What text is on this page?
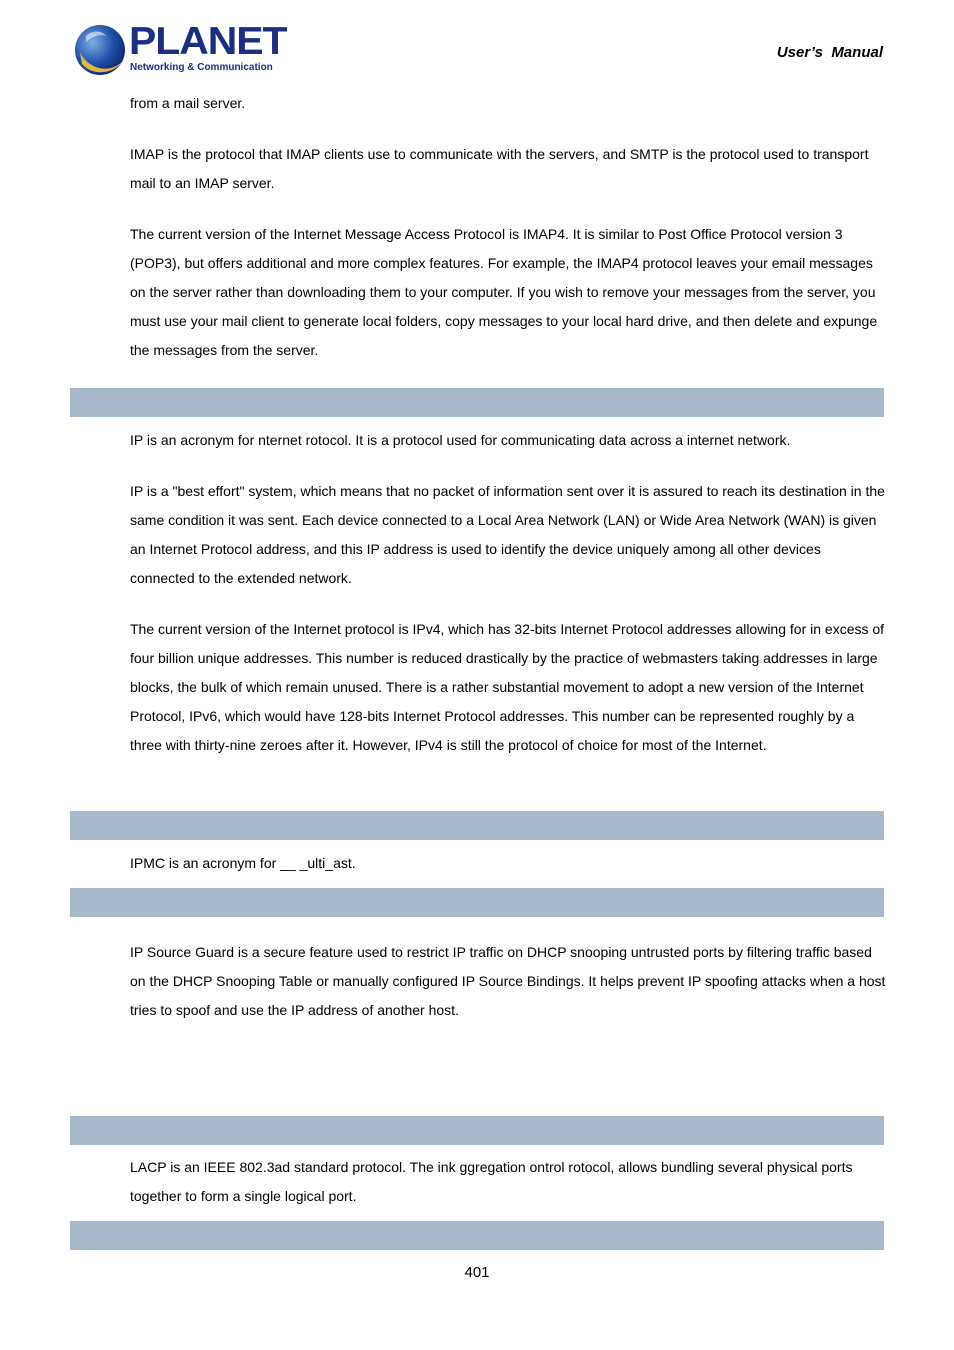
PLANET
Networking & Communication
User’s  Manual

from a mail server.

IMAP is the protocol that IMAP clients use to communicate with the servers, and SMTP is the protocol used to transport mail to an IMAP server.

The current version of the Internet Message Access Protocol is IMAP4. It is similar to Post Office Protocol version 3 (POP3), but offers additional and more complex features. For example, the IMAP4 protocol leaves your email messages on the server rather than downloading them to your computer. If you wish to remove your messages from the server, you must use your mail client to generate local folders, copy messages to your local hard drive, and then delete and expunge the messages from the server.

IP is an acronym for nternet rotocol. It is a protocol used for communicating data across a internet network.

IP is a "best effort" system, which means that no packet of information sent over it is assured to reach its destination in the same condition it was sent. Each device connected to a Local Area Network (LAN) or Wide Area Network (WAN) is given an Internet Protocol address, and this IP address is used to identify the device uniquely among all other devices connected to the extended network.

The current version of the Internet protocol is IPv4, which has 32-bits Internet Protocol addresses allowing for in excess of four billion unique addresses. This number is reduced drastically by the practice of webmasters taking addresses in large blocks, the bulk of which remain unused. There is a rather substantial movement to adopt a new version of the Internet Protocol, IPv6, which would have 128-bits Internet Protocol addresses. This number can be represented roughly by a three with thirty-nine zeroes after it. However, IPv4 is still the protocol of choice for most of the Internet.

IPMC is an acronym for __ _ulti_ast.

IP Source Guard is a secure feature used to restrict IP traffic on DHCP snooping untrusted ports by filtering traffic based on the DHCP Snooping Table or manually configured IP Source Bindings. It helps prevent IP spoofing attacks when a host tries to spoof and use the IP address of another host.

LACP is an IEEE 802.3ad standard protocol. The ink ggregation ontrol rotocol, allows bundling several physical ports together to form a single logical port.

401
